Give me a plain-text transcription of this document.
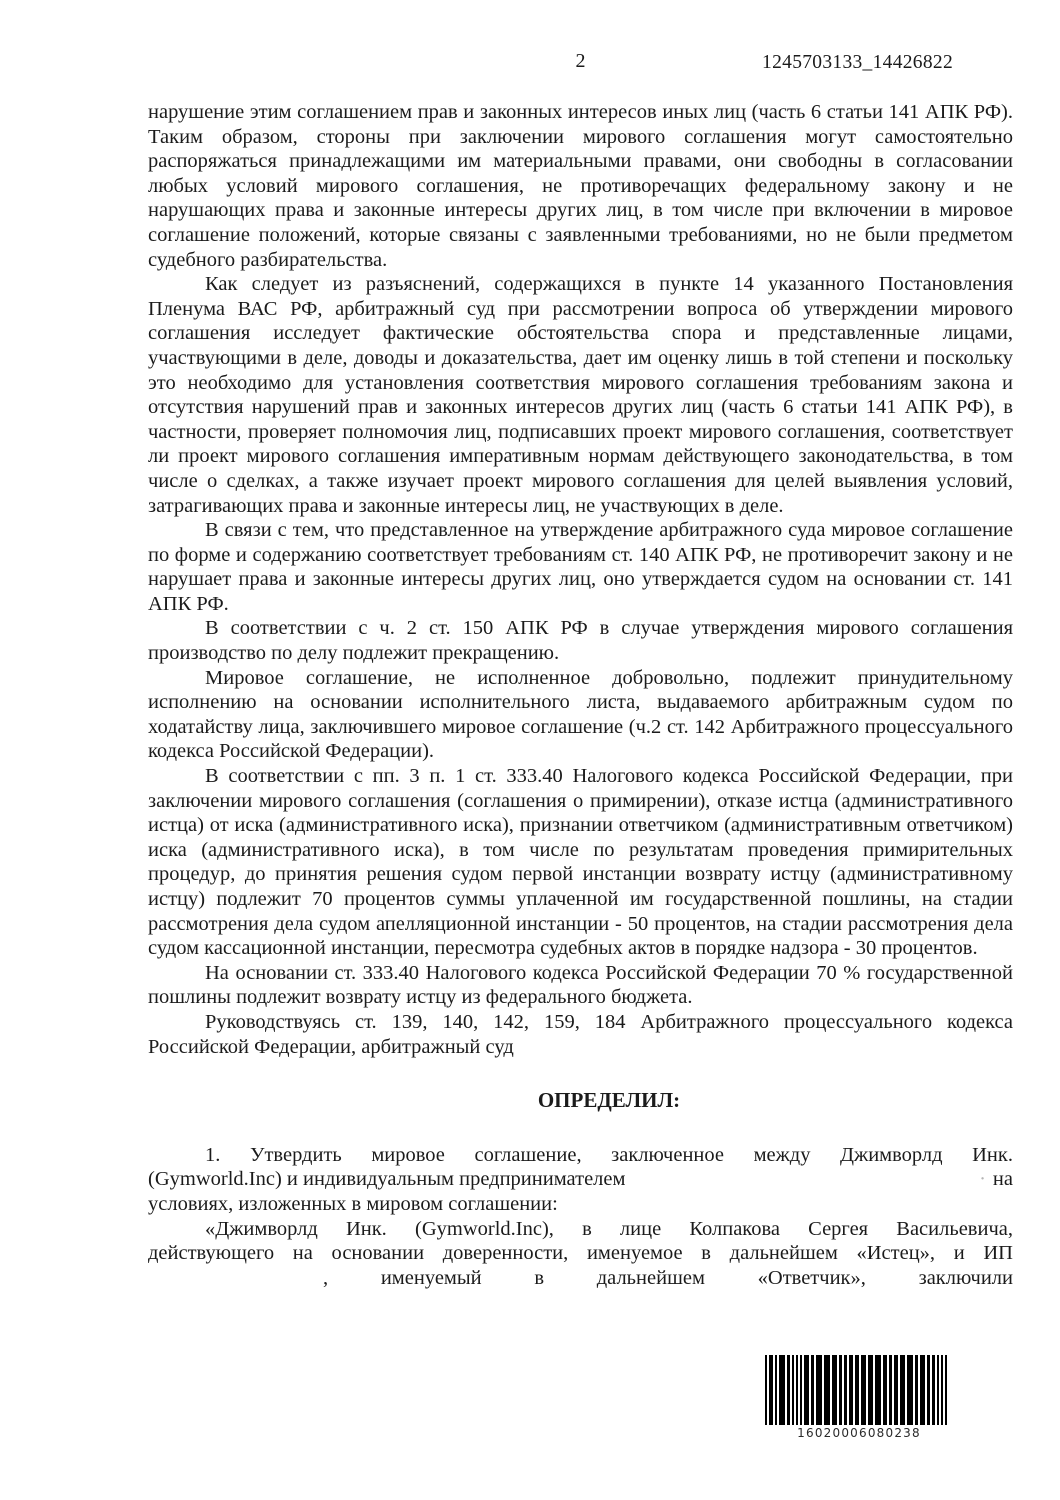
2	1245703133_14426822

нарушение этим соглашением прав и законных интересов иных лиц (часть 6 статьи 141 АПК РФ). Таким образом, стороны при заключении мирового соглашения могут самостоятельно распоряжаться принадлежащими им материальными правами, они свободны в согласовании любых условий мирового соглашения, не противоречащих федеральному закону и не нарушающих права и законные интересы других лиц, в том числе при включении в мировое соглашение положений, которые связаны с заявленными требованиями, но не были предметом судебного разбирательства.

Как следует из разъяснений, содержащихся в пункте 14 указанного Постановления Пленума ВАС РФ, арбитражный суд при рассмотрении вопроса об утверждении мирового соглашения исследует фактические обстоятельства спора и представленные лицами, участвующими в деле, доводы и доказательства, дает им оценку лишь в той степени и поскольку это необходимо для установления соответствия мирового соглашения требованиям закона и отсутствия нарушений прав и законных интересов других лиц (часть 6 статьи 141 АПК РФ), в частности, проверяет полномочия лиц, подписавших проект мирового соглашения, соответствует ли проект мирового соглашения императивным нормам действующего законодательства, в том числе о сделках, а также изучает проект мирового соглашения для целей выявления условий, затрагивающих права и законные интересы лиц, не участвующих в деле.

В связи с тем, что представленное на утверждение арбитражного суда мировое соглашение по форме и содержанию соответствует требованиям ст. 140 АПК РФ, не противоречит закону и не нарушает права и законные интересы других лиц, оно утверждается судом на основании ст. 141 АПК РФ.

В соответствии с ч. 2 ст. 150 АПК РФ в случае утверждения мирового соглашения производство по делу подлежит прекращению.

Мировое соглашение, не исполненное добровольно, подлежит принудительному исполнению на основании исполнительного листа, выдаваемого арбитражным судом по ходатайству лица, заключившего мировое соглашение (ч.2 ст. 142 Арбитражного процессуального кодекса Российской Федерации).

В соответствии с пп. 3 п. 1 ст. 333.40 Налогового кодекса Российской Федерации, при заключении мирового соглашения (соглашения о примирении), отказе истца (административного истца) от иска (административного иска), признании ответчиком (административным ответчиком) иска (административного иска), в том числе по результатам проведения примирительных процедур, до принятия решения судом первой инстанции возврату истцу (административному истцу) подлежит 70 процентов суммы уплаченной им государственной пошлины, на стадии рассмотрения дела судом апелляционной инстанции - 50 процентов, на стадии рассмотрения дела судом кассационной инстанции, пересмотра судебных актов в порядке надзора - 30 процентов.

На основании ст. 333.40 Налогового кодекса Российской Федерации 70 % государственной пошлины подлежит возврату истцу из федерального бюджета.

Руководствуясь ст. 139, 140, 142, 159, 184 Арбитражного процессуального кодекса Российской Федерации, арбитражный суд

ОПРЕДЕЛИЛ:
1. Утвердить мировое соглашение, заключенное между Джимворлд Инк.
(Gymworld.Inc) и индивидуальным предпринимателем	· на
условиях, изложенных в мировом соглашении:
«Джимворлд Инк. (Gymworld.Inc), в лице Колпакова Сергея Васильевича,
действующего на основании доверенности, именуемое в дальнейшем «Истец», и ИП
, именуемый в дальнейшем «Ответчик», заключили
16020006080238
